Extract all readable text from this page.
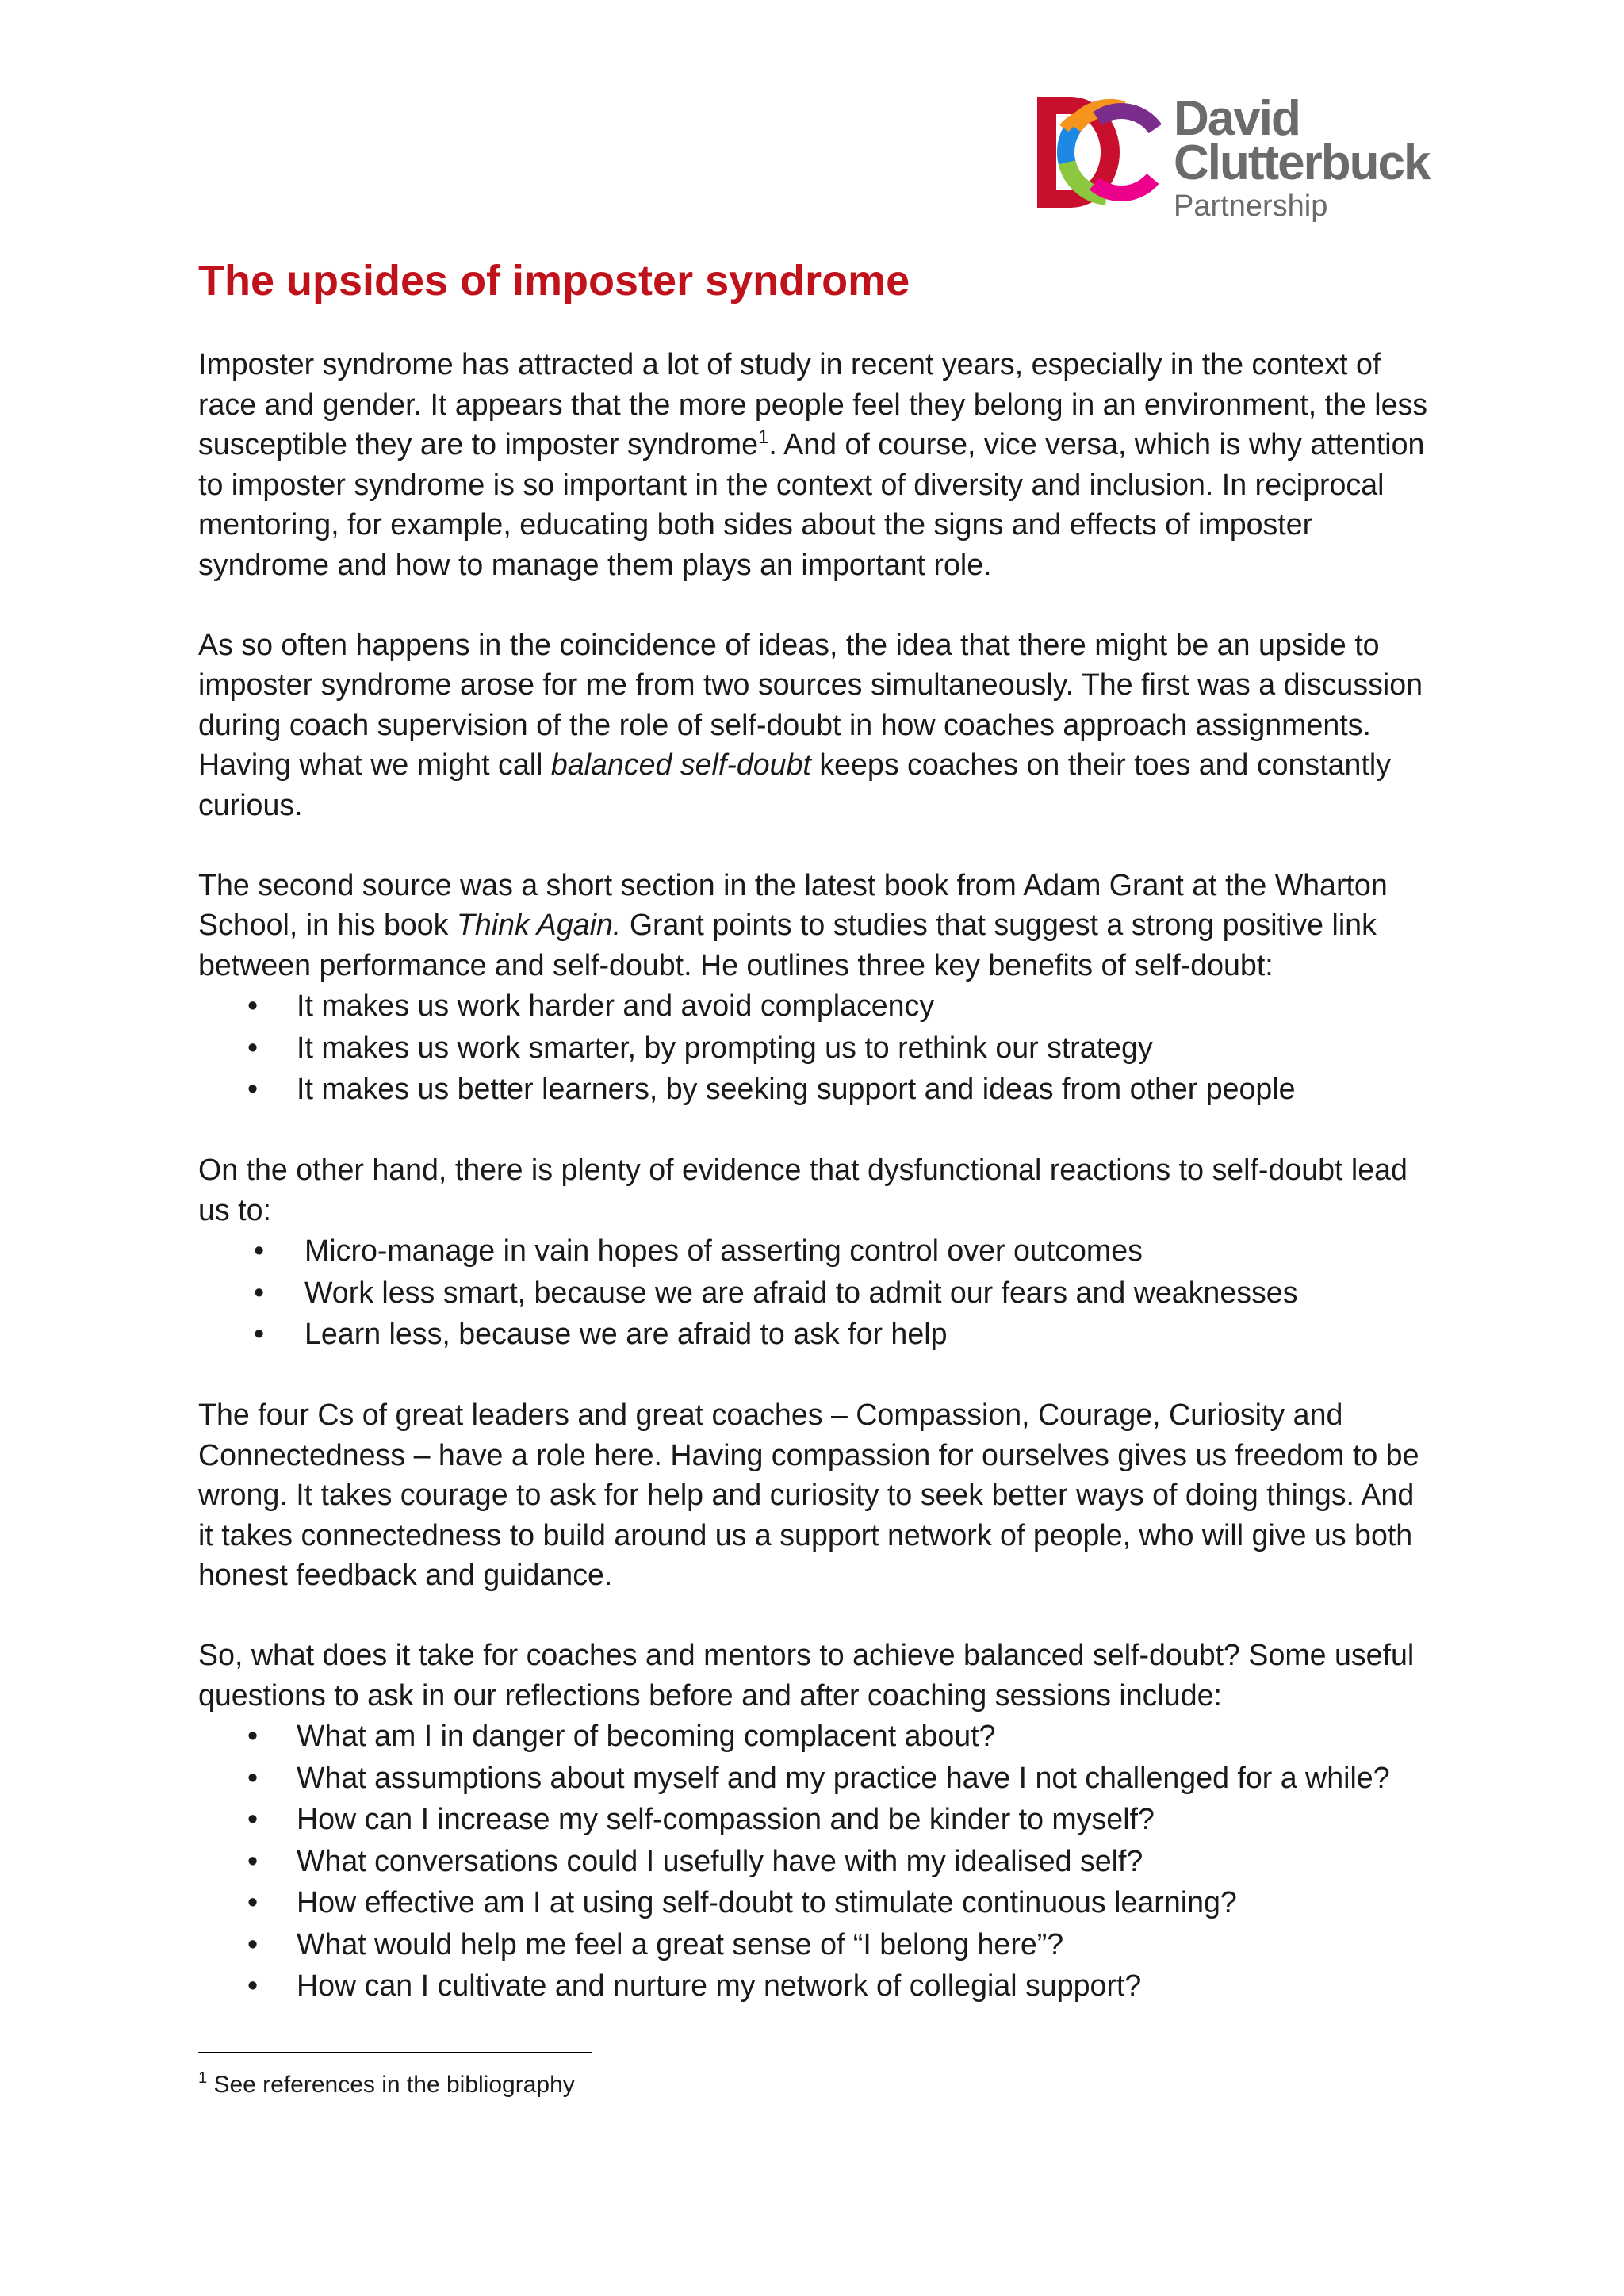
David
Clutterbuck
Partnership
The upsides of imposter syndrome

Imposter syndrome has attracted a lot of study in recent years, especially in the context of race and gender. It appears that the more people feel they belong in an environment, the less susceptible they are to imposter syndrome$^1$. And of course, vice versa, which is why attention to imposter syndrome is so important in the context of diversity and inclusion. In reciprocal mentoring, for example, educating both sides about the signs and effects of imposter syndrome and how to manage them plays an important role.

As so often happens in the coincidence of ideas, the idea that there might be an upside to imposter syndrome arose for me from two sources simultaneously. The first was a discussion during coach supervision of the role of self-doubt in how coaches approach assignments. Having what we might call balanced self-doubt keeps coaches on their toes and constantly curious.

The second source was a short section in the latest book from Adam Grant at the Wharton School, in his book Think Again. Grant points to studies that suggest a strong positive link between performance and self-doubt. He outlines three key benefits of self-doubt:

• It makes us work harder and avoid complacency
• It makes us work smarter, by prompting us to rethink our strategy
• It makes us better learners, by seeking support and ideas from other people

On the other hand, there is plenty of evidence that dysfunctional reactions to self-doubt lead us to:

• Micro-manage in vain hopes of asserting control over outcomes
• Work less smart, because we are afraid to admit our fears and weaknesses
• Learn less, because we are afraid to ask for help

The four Cs of great leaders and great coaches – Compassion, Courage, Curiosity and Connectedness – have a role here. Having compassion for ourselves gives us freedom to be wrong. It takes courage to ask for help and curiosity to seek better ways of doing things. And it takes connectedness to build around us a support network of people, who will give us both honest feedback and guidance.

So, what does it take for coaches and mentors to achieve balanced self-doubt? Some useful questions to ask in our reflections before and after coaching sessions include:

• What am I in danger of becoming complacent about?
• What assumptions about myself and my practice have I not challenged for a while?
• How can I increase my self-compassion and be kinder to myself?
• What conversations could I usefully have with my idealised self?
• How effective am I at using self-doubt to stimulate continuous learning?
• What would help me feel a great sense of “I belong here”?
• How can I cultivate and nurture my network of collegial support?
$^1$ See references in the bibliography
